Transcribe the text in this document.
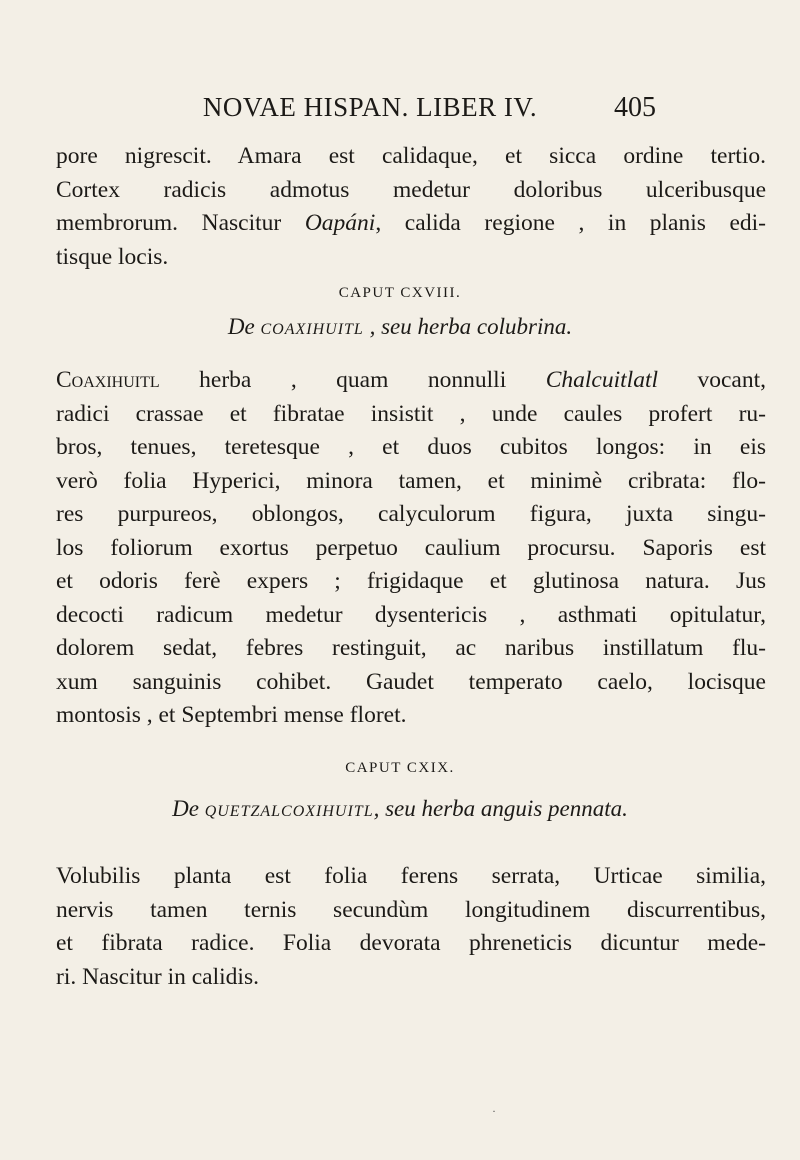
NOVAE HISPAN. LIBER IV.	405
pore nigrescit. Amara est calidaque, et sicca ordine tertio.
Cortex radicis admotus medetur doloribus ulceribusque
membrorum. Nascitur Oapáni, calida regione , in planis edi-
tisque locis.
CAPUT CXVIII.
De COAXIHUITL , seu herba colubrina.
Coaxihuitl herba , quam nonnulli Chalcuitlatl vocant,
radici crassae et fibratae insistit , unde caules profert ru-
bros, tenues, teretesque , et duos cubitos longos: in eis
verò folia Hyperici, minora tamen, et minimè cribrata: flo-
res purpureos, oblongos, calyculorum figura, juxta singu-
los foliorum exortus perpetuo caulium procursu. Saporis est
et odoris ferè expers ; frigidaque et glutinosa natura. Jus
decocti radicum medetur dysentericis , asthmati opitulatur,
dolorem sedat, febres restinguit, ac naribus instillatum flu-
xum sanguinis cohibet. Gaudet temperato caelo, locisque
montosis , et Septembri mense floret.
CAPUT CXIX.
De QUETZALCOXIHUITL, seu herba anguis pennata.
Volubilis planta est folia ferens serrata, Urticae similia,
nervis tamen ternis secundùm longitudinem discurrentibus,
et fibrata radice. Folia devorata phreneticis dicuntur mede-
ri. Nascitur in calidis.
·
